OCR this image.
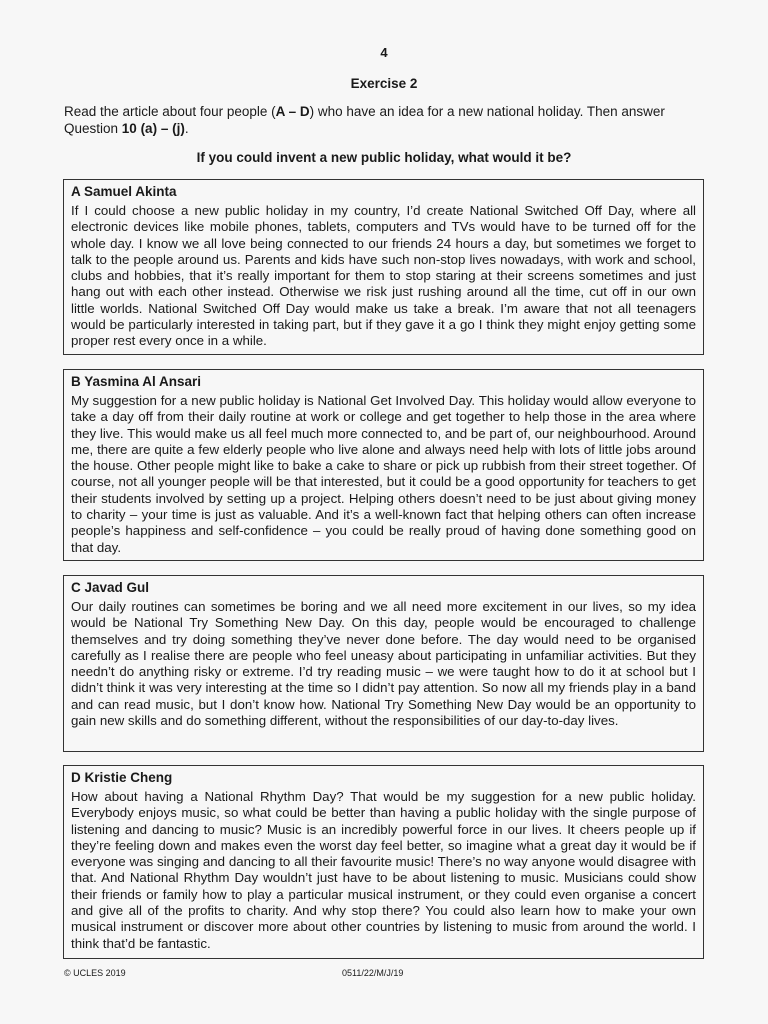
4
Exercise 2
Read the article about four people (A – D) who have an idea for a new national holiday. Then answer Question 10 (a) – (j).
If you could invent a new public holiday, what would it be?
A Samuel Akinta
If I could choose a new public holiday in my country, I’d create National Switched Off Day, where all electronic devices like mobile phones, tablets, computers and TVs would have to be turned off for the whole day. I know we all love being connected to our friends 24 hours a day, but sometimes we forget to talk to the people around us. Parents and kids have such non-stop lives nowadays, with work and school, clubs and hobbies, that it’s really important for them to stop staring at their screens sometimes and just hang out with each other instead. Otherwise we risk just rushing around all the time, cut off in our own little worlds. National Switched Off Day would make us take a break. I’m aware that not all teenagers would be particularly interested in taking part, but if they gave it a go I think they might enjoy getting some proper rest every once in a while.
B Yasmina Al Ansari
My suggestion for a new public holiday is National Get Involved Day. This holiday would allow everyone to take a day off from their daily routine at work or college and get together to help those in the area where they live. This would make us all feel much more connected to, and be part of, our neighbourhood. Around me, there are quite a few elderly people who live alone and always need help with lots of little jobs around the house. Other people might like to bake a cake to share or pick up rubbish from their street together. Of course, not all younger people will be that interested, but it could be a good opportunity for teachers to get their students involved by setting up a project. Helping others doesn’t need to be just about giving money to charity – your time is just as valuable. And it’s a well-known fact that helping others can often increase people’s happiness and self-confidence – you could be really proud of having done something good on that day.
C Javad Gul
Our daily routines can sometimes be boring and we all need more excitement in our lives, so my idea would be National Try Something New Day. On this day, people would be encouraged to challenge themselves and try doing something they’ve never done before. The day would need to be organised carefully as I realise there are people who feel uneasy about participating in unfamiliar activities. But they needn’t do anything risky or extreme. I’d try reading music – we were taught how to do it at school but I didn’t think it was very interesting at the time so I didn’t pay attention. So now all my friends play in a band and can read music, but I don’t know how. National Try Something New Day would be an opportunity to gain new skills and do something different, without the responsibilities of our day-to-day lives.
D Kristie Cheng
How about having a National Rhythm Day? That would be my suggestion for a new public holiday. Everybody enjoys music, so what could be better than having a public holiday with the single purpose of listening and dancing to music? Music is an incredibly powerful force in our lives. It cheers people up if they’re feeling down and makes even the worst day feel better, so imagine what a great day it would be if everyone was singing and dancing to all their favourite music! There’s no way anyone would disagree with that. And National Rhythm Day wouldn’t just have to be about listening to music. Musicians could show their friends or family how to play a particular musical instrument, or they could even organise a concert and give all of the profits to charity. And why stop there? You could also learn how to make your own musical instrument or discover more about other countries by listening to music from around the world. I think that’d be fantastic.
© UCLES 2019	0511/22/M/J/19
